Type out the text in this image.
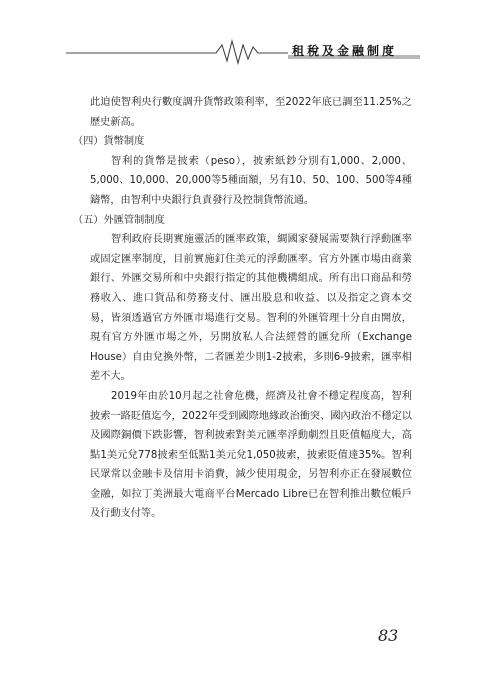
租稅及金融制度

此迫使智利央行數度調升貨幣政策利率，至2022年底已調至11.25%之歷史新高。

（四）貨幣制度

智利的貨幣是披索（peso），披索紙鈔分別有1,000、2,000、5,000、10,000、20,000等5種面額，另有10、50、100、500等4種鑄幣，由智利中央銀行負責發行及控制貨幣流通。

（五）外匯管制制度

智利政府長期實施靈活的匯率政策，綢國家發展需要執行浮動匯率或固定匯率制度，目前實施釘住美元的浮動匯率。官方外匯市場由商業銀行、外匯交易所和中央銀行指定的其他機構組成。所有出口商品和勞務收入、進口貨品和勞務支付、匯出股息和收益、以及指定之資本交易，皆須透過官方外匯市場進行交易。智利的外匯管理十分自由開放，現有官方外匯市場之外，另開放私人合法經營的匯兌所（Exchange House）自由兌換外幣，二者匯差少則1-2披索，多則6-9披索，匯率相差不大。

2019年由於10月起之社會危機，經濟及社會不穩定程度高，智利披索一路貶值迄今，2022年受到國際地緣政治衝突、國內政治不穩定以及國際銅價下跌影響，智利披索對美元匯率浮動劇烈且貶值幅度大，高點1美元兌778披索至低點1美元兌1,050披索，披索貶值達35%。智利民眾常以金融卡及信用卡消費，減少使用現金，另智利亦正在發展數位金融，如拉丁美洲最大電商平台Mercado Libre已在智利推出數位帳戶及行動支付等。

83
